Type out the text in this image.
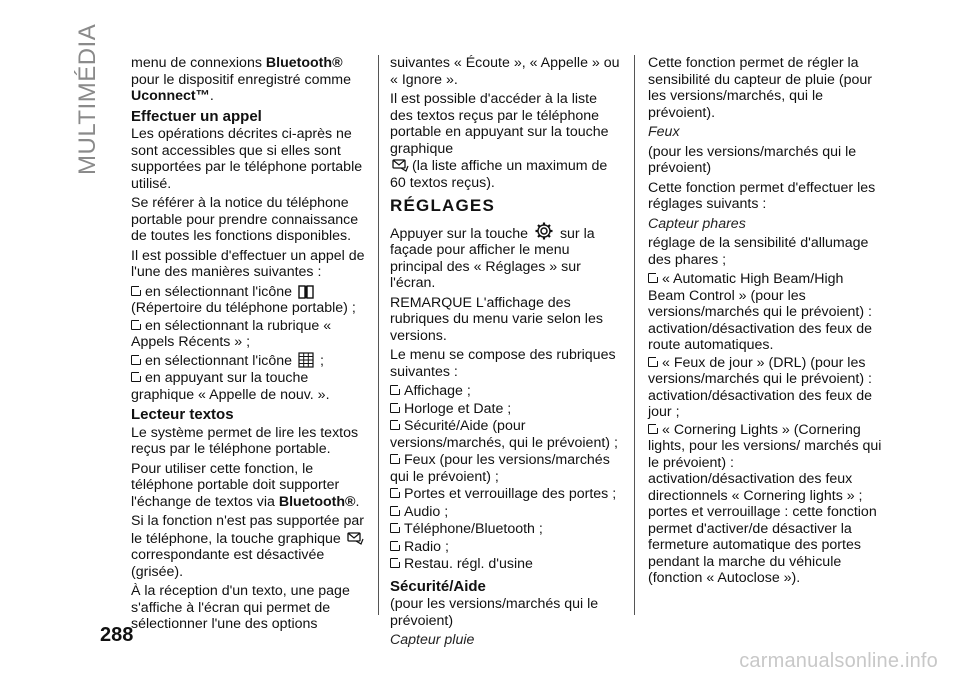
MULTIMÉDIA
288

menu de connexions Bluetooth® pour le dispositif enregistré comme Uconnect™.

Effectuer un appel

Les opérations décrites ci-après ne sont accessibles que si elles sont supportées par le téléphone portable utilisé.

Se référer à la notice du téléphone portable pour prendre connaissance de toutes les fonctions disponibles.

Il est possible d'effectuer un appel de l'une des manières suivantes :

en sélectionnant l'icône  (Répertoire du téléphone portable) ;
en sélectionnant la rubrique « Appels Récents » ;
en sélectionnant l'icône ;
en appuyant sur la touche graphique « Appelle de nouv. ».
Lecteur textos

Le système permet de lire les textos reçus par le téléphone portable.

Pour utiliser cette fonction, le téléphone portable doit supporter l'échange de textos via Bluetooth®.

Si la fonction n'est pas supportée par le téléphone, la touche graphique  correspondante est désactivée (grisée).

À la réception d'un texto, une page s'affiche à l'écran qui permet de sélectionner l'une des options

suivantes « Écoute », « Appelle » ou « Ignore ».

Il est possible d'accéder à la liste des textos reçus par le téléphone portable en appuyant sur la touche graphique
(la liste affiche un maximum de 60 textos reçus).

RÉGLAGES

Appuyer sur la touche sur la façade pour afficher le menu principal des « Réglages » sur l'écran.

REMARQUE L'affichage des rubriques du menu varie selon les versions.

Le menu se compose des rubriques suivantes :

Affichage ;
Horloge et Date ;
Sécurité/Aide (pour versions/marchés, qui le prévoient) ;
Feux (pour les versions/marchés qui le prévoient) ;
Portes et verrouillage des portes ;
Audio ;
Téléphone/Bluetooth ;
Radio ;
Restau. régl. d'usine
Sécurité/Aide

(pour les versions/marchés qui le prévoient)

Capteur pluie

Cette fonction permet de régler la sensibilité du capteur de pluie (pour les versions/marchés, qui le prévoient).

Feux

(pour les versions/marchés qui le prévoient)

Cette fonction permet d'effectuer les réglages suivants :

Capteur phares

réglage de la sensibilité d'allumage des phares ;

« Automatic High Beam/High Beam Control » (pour les versions/marchés qui le prévoient) : activation/désactivation des feux de route automatiques.
« Feux de jour » (DRL) (pour les versions/marchés qui le prévoient) : activation/désactivation des feux de jour ;
« Cornering Lights » (Cornering lights, pour les versions/ marchés qui le prévoient) : activation/désactivation des feux directionnels « Cornering lights » ; portes et verrouillage : cette fonction permet d'activer/de désactiver la fermeture automatique des portes pendant la marche du véhicule (fonction « Autoclose »).
carmanualsonline.info
